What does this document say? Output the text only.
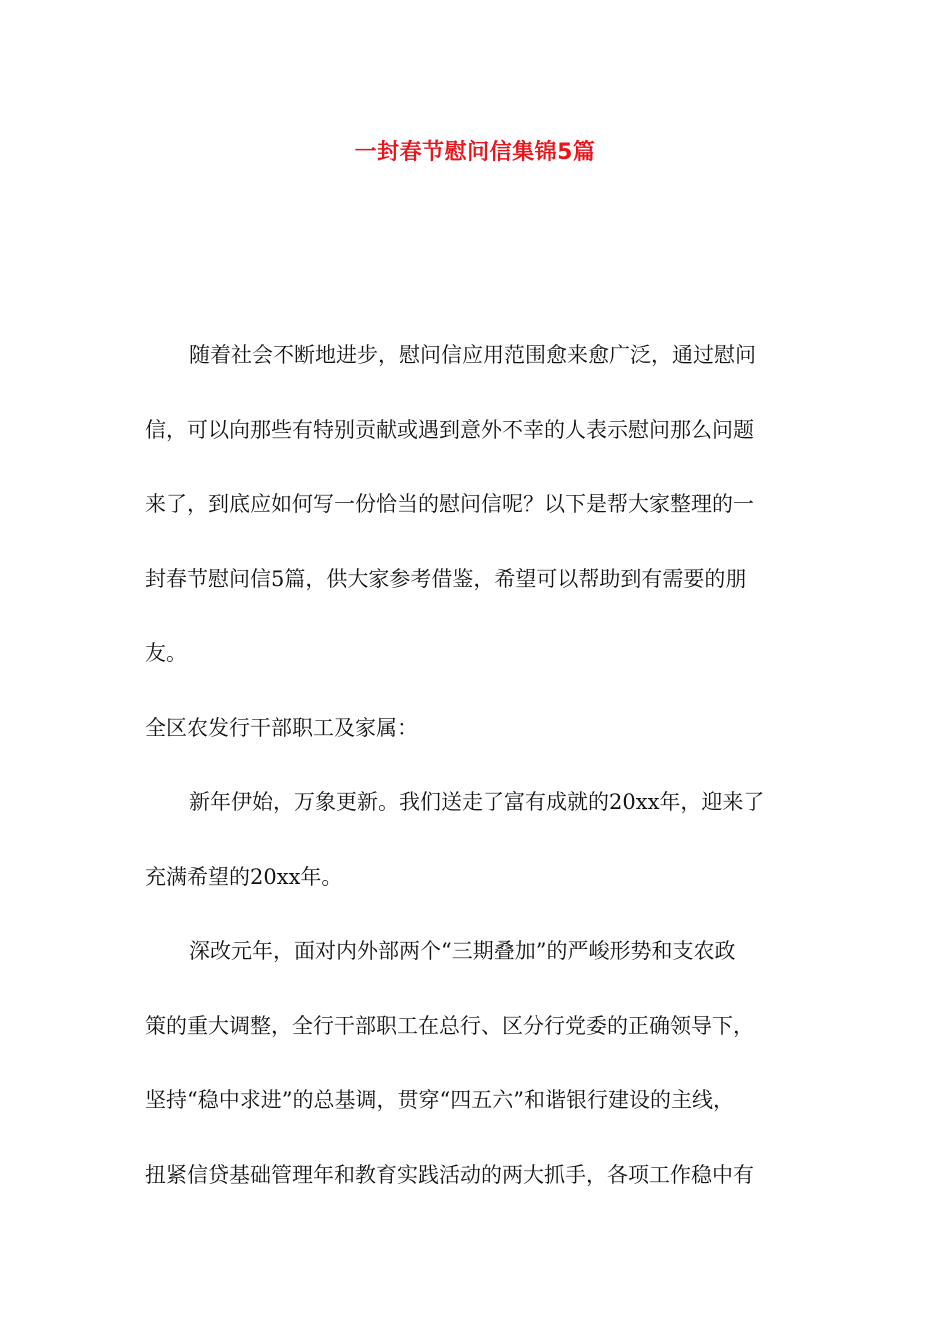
一封春节慰问信集锦5篇
随着社会不断地进步，慰问信应用范围愈来愈广泛，通过慰问
信，可以向那些有特别贡献或遇到意外不幸的人表示慰问那么问题
来了，到底应如何写一份恰当的慰问信呢？以下是帮大家整理的一
封春节慰问信5篇，供大家参考借鉴，希望可以帮助到有需要的朋
友。
全区农发行干部职工及家属：
新年伊始，万象更新。我们送走了富有成就的20xx年，迎来了
充满希望的20xx年。
深改元年，面对内外部两个“三期叠加”的严峻形势和支农政
策的重大调整，全行干部职工在总行、区分行党委的正确领导下，
坚持“稳中求进”的总基调，贯穿“四五六”和谐银行建设的主线，
扭紧信贷基础管理年和教育实践活动的两大抓手，各项工作稳中有
